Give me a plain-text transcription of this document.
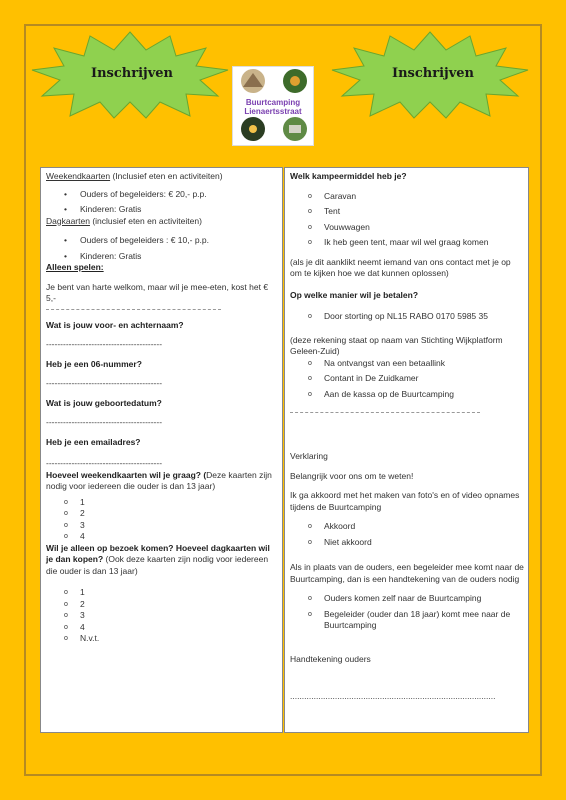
Inschrijven	Inschrijven
Buurtcamping
Lienaertsstraat
Weekendkaarten (Inclusief eten en activiteiten)
• Ouders of begeleiders: € 20,- p.p.
• Kinderen: Gratis
Dagkaarten (inclusief eten en activiteiten)
• Ouders of begeleiders : € 10,- p.p.
• Kinderen: Gratis
Alleen spelen:
Je bent van harte welkom, maar wil je mee-eten, kost het € 5,-
Wat is jouw voor- en achternaam?
-----------------------------------------
Heb je een 06-nummer?
-----------------------------------------
Wat is jouw geboortedatum?
-----------------------------------------
Heb je een emailadres?
-----------------------------------------
Hoeveel weekendkaarten wil je graag? (Deze kaarten zijn nodig voor iedereen die ouder is dan 13 jaar)
o 1
o 2
o 3
o 4
Wil je alleen op bezoek komen? Hoeveel dagkaarten wil je dan kopen? (Ook deze kaarten zijn nodig voor iedereen die ouder is dan 13 jaar)
o 1
o 2
o 3
o 4
o N.v.t.
Welk kampeermiddel heb je?
o Caravan
o Tent
o Vouwwagen
o Ik heb geen tent, maar wil wel graag komen
(als je dit aanklikt neemt iemand van ons contact met je op om te kijken hoe we dat kunnen oplossen)
Op welke manier wil je betalen?
o Door storting op NL15 RABO 0170 5985 35
(deze rekening staat op naam van Stichting Wijkplatform Geleen-Zuid)
o Na ontvangst van een betaallink
o Contant in De Zuidkamer
o Aan de kassa op de Buurtcamping
Verklaring
Belangrijk voor ons om te weten!
Ik ga akkoord met het maken van foto's en of video opnames tijdens de Buurtcamping
o Akkoord
o Niet akkoord
Als in plaats van de ouders, een begeleider mee komt naar de Buurtcamping, dan is een handtekening van de ouders nodig
o Ouders komen zelf naar de Buurtcamping
o Begeleider (ouder dan 18 jaar) komt mee naar de Buurtcamping
Handtekening ouders
.......................................................................................
